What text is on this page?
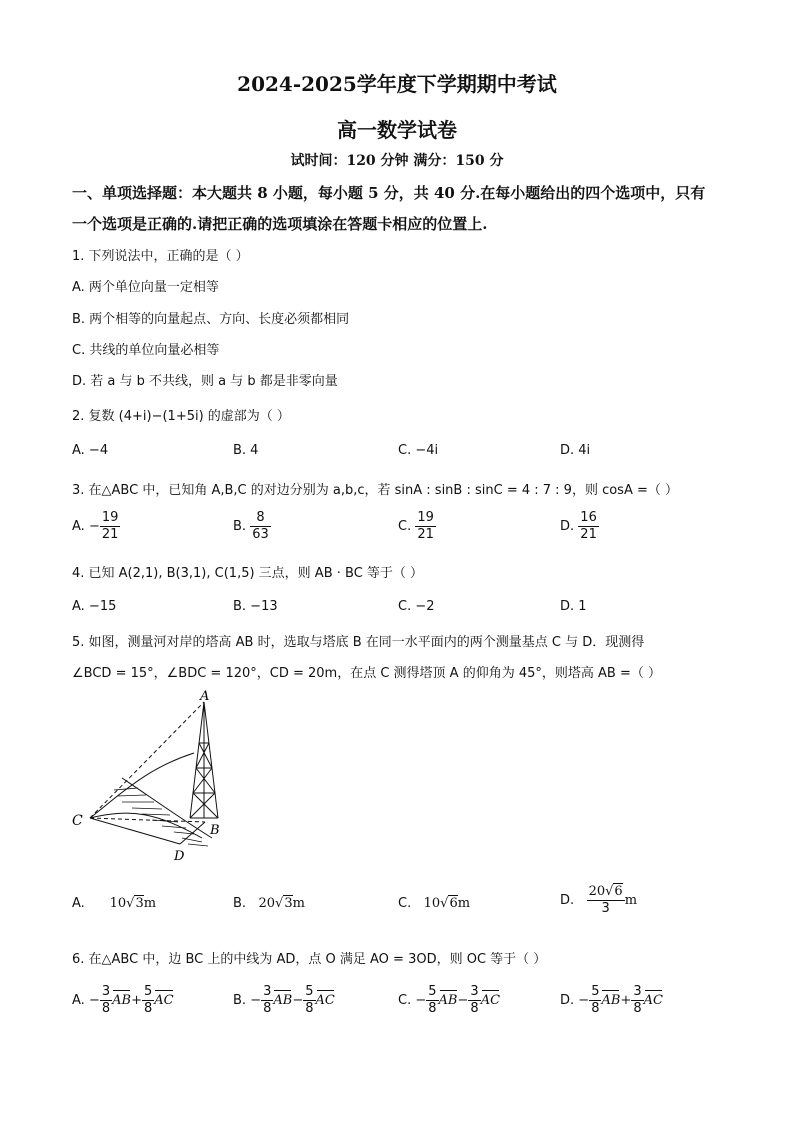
2024-2025学年度下学期期中考试
高一数学试卷
试时间：120 分钟 满分：150 分
一、单项选择题：本大题共 8 小题，每小题 5 分，共 40 分.在每小题给出的四个选项中，只有
一个选项是正确的.请把正确的选项填涂在答题卡相应的位置上.
1. 下列说法中，正确的是（ ）
A. 两个单位向量一定相等
B. 两个相等的向量起点、方向、长度必须都相同
C. 共线的单位向量必相等
D. 若 a 与 b 不共线，则 a 与 b 都是非零向量
2. 复数 (4+i)−(1+5i) 的虚部为（ ）
A. −4	B. 4	C. −4i	D. 4i
3. 在△ABC 中，已知角 A,B,C 的对边分别为 a,b,c，若 sinA : sinB : sinC = 4 : 7 : 9，则 cosA =（ ）
A. − $\frac{19}{21}$	B. $\frac{8}{63}$	C. $\frac{19}{21}$	D. $\frac{16}{21}$
4. 已知 A(2,1), B(3,1), C(1,5) 三点，则 AB · BC 等于（ ）
A. −15	B. −13	C. −2	D. 1
5. 如图，测量河对岸的塔高 AB 时，选取与塔底 B 在同一水平面内的两个测量基点 C 与 D．现测得
∠BCD = 15°，∠BDC = 120°，CD = 20m，在点 C 测得塔顶 A 的仰角为 45°，则塔高 AB =（ ）
A
B
C
D
A. 10√3m	B. 20√3m	C. 10√6m	D. $\frac{20√6}{3}$ m
6. 在△ABC 中，边 BC 上的中线为 AD，点 O 满足 AO = 3OD，则 OC 等于（ ）
A. − $\frac{3}{8} AB+ \frac{5}{8}$ AC	B. − $\frac{3}{8} AB- \frac{5}{8}$ AC	C. − $\frac{5}{8} AB- \frac{3}{8}$ AC	D. − $\frac{5}{8} AB+ \frac{3}{8}$ AC
